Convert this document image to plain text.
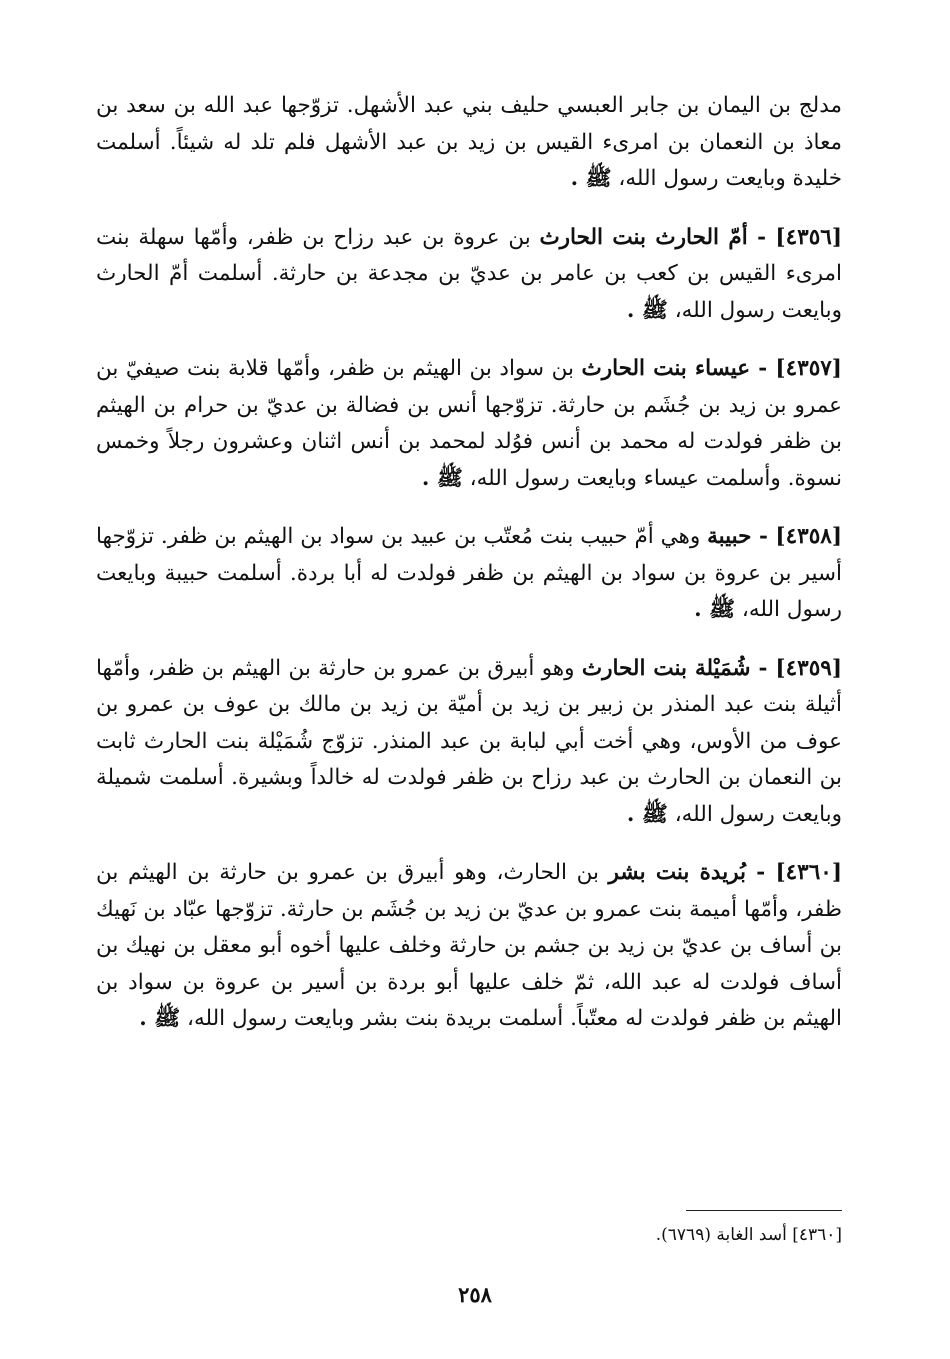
مدلج بن اليمان بن جابر العبسي حليف بني عبد الأشهل. تزوّجها عبد الله بن سعد بن معاذ بن النعمان بن امرىء القيس بن زيد بن عبد الأشهل فلم تلد له شيئاً. أسلمت خليدة وبايعت رسول الله، ﷺ .

[٤٣٥٦] - أمّ الحارث بنت الحارث بن عروة بن عبد رزاح بن ظفر، وأمّها سهلة بنت امرىء القيس بن كعب بن عامر بن عديّ بن مجدعة بن حارثة. أسلمت أمّ الحارث وبايعت رسول الله، ﷺ .

[٤٣٥٧] - عيساء بنت الحارث بن سواد بن الهيثم بن ظفر، وأمّها قلابة بنت صيفيّ بن عمرو بن زيد بن جُشَم بن حارثة. تزوّجها أنس بن فضالة بن عديّ بن حرام بن الهيثم بن ظفر فولدت له محمد بن أنس فوُلد لمحمد بن أنس اثنان وعشرون رجلاً وخمس نسوة. وأسلمت عيساء وبايعت رسول الله، ﷺ .

[٤٣٥٨] - حبيبة وهي أمّ حبيب بنت مُعتّب بن عبيد بن سواد بن الهيثم بن ظفر. تزوّجها أسير بن عروة بن سواد بن الهيثم بن ظفر فولدت له أبا بردة. أسلمت حبيبة وبايعت رسول الله، ﷺ .

[٤٣٥٩] - شُمَيْلة بنت الحارث وهو أبيرق بن عمرو بن حارثة بن الهيثم بن ظفر، وأمّها أثيلة بنت عبد المنذر بن زبير بن زيد بن أميّة بن زيد بن مالك بن عوف بن عمرو بن عوف من الأوس، وهي أخت أبي لبابة بن عبد المنذر. تزوّج شُمَيْلة بنت الحارث ثابت بن النعمان بن الحارث بن عبد رزاح بن ظفر فولدت له خالداً وبشيرة. أسلمت شميلة وبايعت رسول الله، ﷺ .

[٤٣٦٠] - بُريدة بنت بشر بن الحارث، وهو أبيرق بن عمرو بن حارثة بن الهيثم بن ظفر، وأمّها أميمة بنت عمرو بن عديّ بن زيد بن جُشَم بن حارثة. تزوّجها عبّاد بن نَهيك بن أساف بن عديّ بن زيد بن جشم بن حارثة وخلف عليها أخوه أبو معقل بن نهيك بن أساف فولدت له عبد الله، ثمّ خلف عليها أبو بردة بن أسير بن عروة بن سواد بن الهيثم بن ظفر فولدت له معتّباً. أسلمت بريدة بنت بشر وبايعت رسول الله، ﷺ .

[٤٣٦٠] أسد الغابة (٦٧٦٩).
٢٥٨
